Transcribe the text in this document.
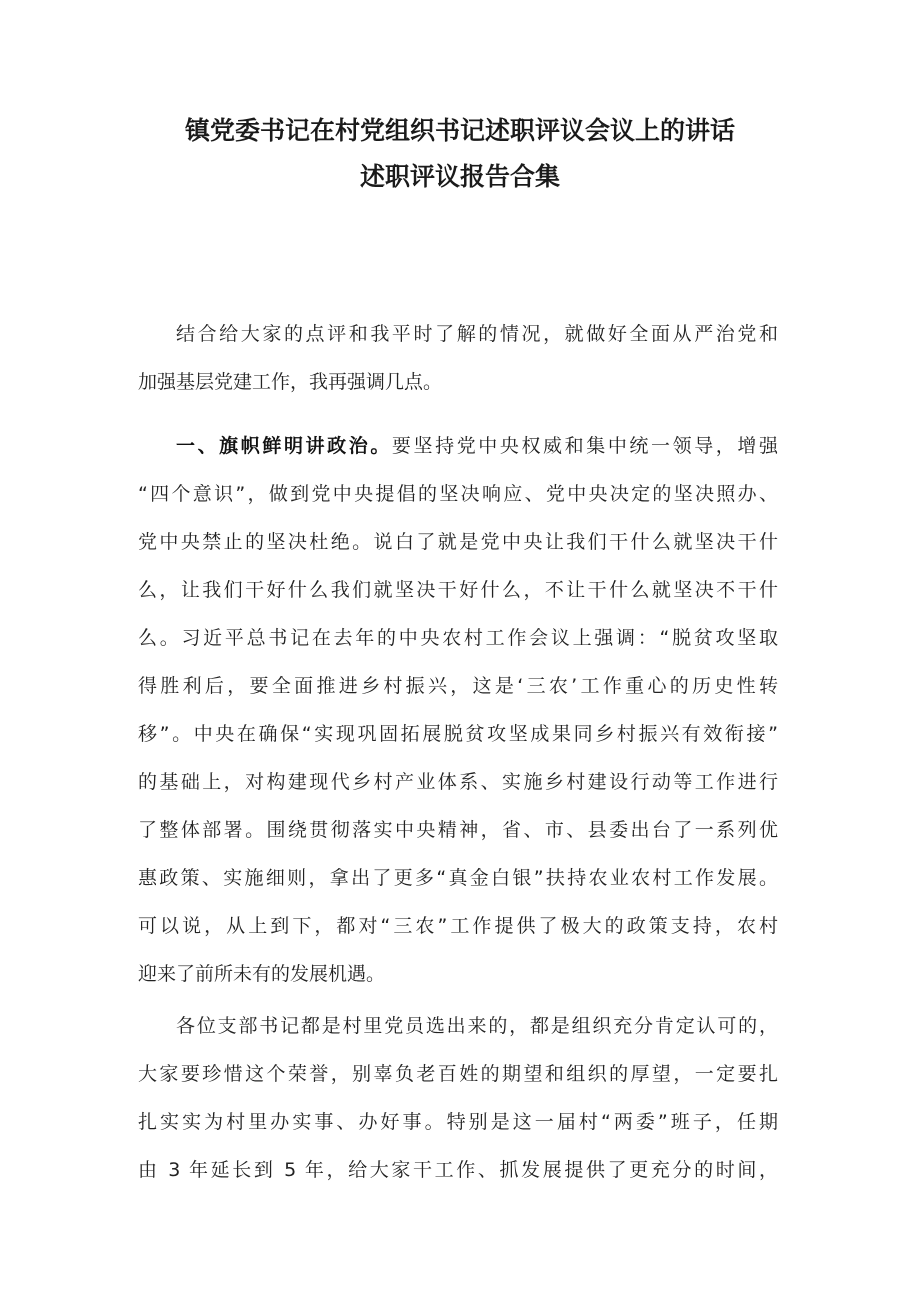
镇党委书记在村党组织书记述职评议会议上的讲话
述职评议报告合集
结合给大家的点评和我平时了解的情况，就做好全面从严治党和
加强基层党建工作，我再强调几点。
一、旗帜鲜明讲政治。要坚持党中央权威和集中统一领导，增强
“四个意识”，做到党中央提倡的坚决响应、党中央决定的坚决照办、
党中央禁止的坚决杜绝。说白了就是党中央让我们干什么就坚决干什
么，让我们干好什么我们就坚决干好什么，不让干什么就坚决不干什
么。习近平总书记在去年的中央农村工作会议上强调：“脱贫攻坚取
得胜利后，要全面推进乡村振兴，这是‘三农’工作重心的历史性转
移”。中央在确保“实现巩固拓展脱贫攻坚成果同乡村振兴有效衔接”
的基础上，对构建现代乡村产业体系、实施乡村建设行动等工作进行
了整体部署。围绕贯彻落实中央精神，省、市、县委出台了一系列优
惠政策、实施细则，拿出了更多“真金白银”扶持农业农村工作发展。
可以说，从上到下，都对“三农”工作提供了极大的政策支持，农村
迎来了前所未有的发展机遇。
各位支部书记都是村里党员选出来的，都是组织充分肯定认可的，
大家要珍惜这个荣誉，别辜负老百姓的期望和组织的厚望，一定要扎
扎实实为村里办实事、办好事。特别是这一届村“两委”班子，任期
由 3 年延长到 5 年，给大家干工作、抓发展提供了更充分的时间，
